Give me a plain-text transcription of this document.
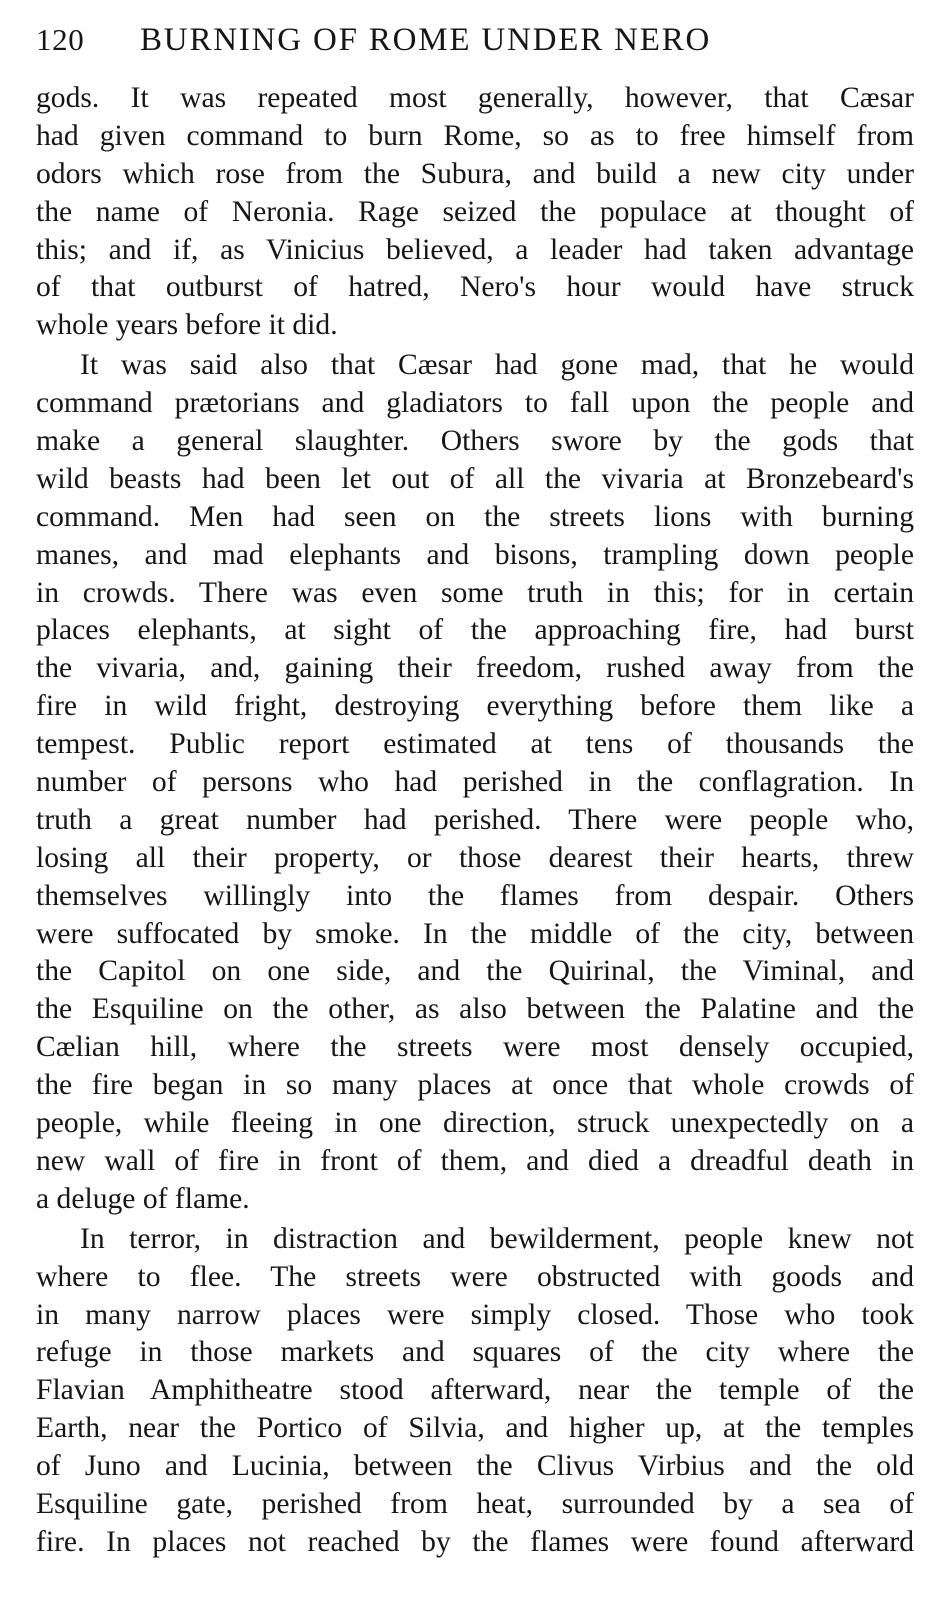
120	BURNING OF ROME UNDER NERO
gods. It was repeated most generally, however, that Cæsar
had given command to burn Rome, so as to free himself from
odors which rose from the Subura, and build a new city under
the name of Neronia. Rage seized the populace at thought of
this; and if, as Vinicius believed, a leader had taken advantage
of that outburst of hatred, Nero's hour would have struck
whole years before it did.
It was said also that Cæsar had gone mad, that he would
command prætorians and gladiators to fall upon the people and
make a general slaughter. Others swore by the gods that
wild beasts had been let out of all the vivaria at Bronzebeard's
command. Men had seen on the streets lions with burning
manes, and mad elephants and bisons, trampling down people
in crowds. There was even some truth in this; for in certain
places elephants, at sight of the approaching fire, had burst
the vivaria, and, gaining their freedom, rushed away from the
fire in wild fright, destroying everything before them like a
tempest. Public report estimated at tens of thousands the
number of persons who had perished in the conflagration. In
truth a great number had perished. There were people who,
losing all their property, or those dearest their hearts, threw
themselves willingly into the flames from despair. Others
were suffocated by smoke. In the middle of the city, between
the Capitol on one side, and the Quirinal, the Viminal, and
the Esquiline on the other, as also between the Palatine and the
Cælian hill, where the streets were most densely occupied,
the fire began in so many places at once that whole crowds of
people, while fleeing in one direction, struck unexpectedly on a
new wall of fire in front of them, and died a dreadful death in
a deluge of flame.
In terror, in distraction and bewilderment, people knew not
where to flee. The streets were obstructed with goods and
in many narrow places were simply closed. Those who took
refuge in those markets and squares of the city where the
Flavian Amphitheatre stood afterward, near the temple of the
Earth, near the Portico of Silvia, and higher up, at the temples
of Juno and Lucinia, between the Clivus Virbius and the old
Esquiline gate, perished from heat, surrounded by a sea of
fire. In places not reached by the flames were found afterward
